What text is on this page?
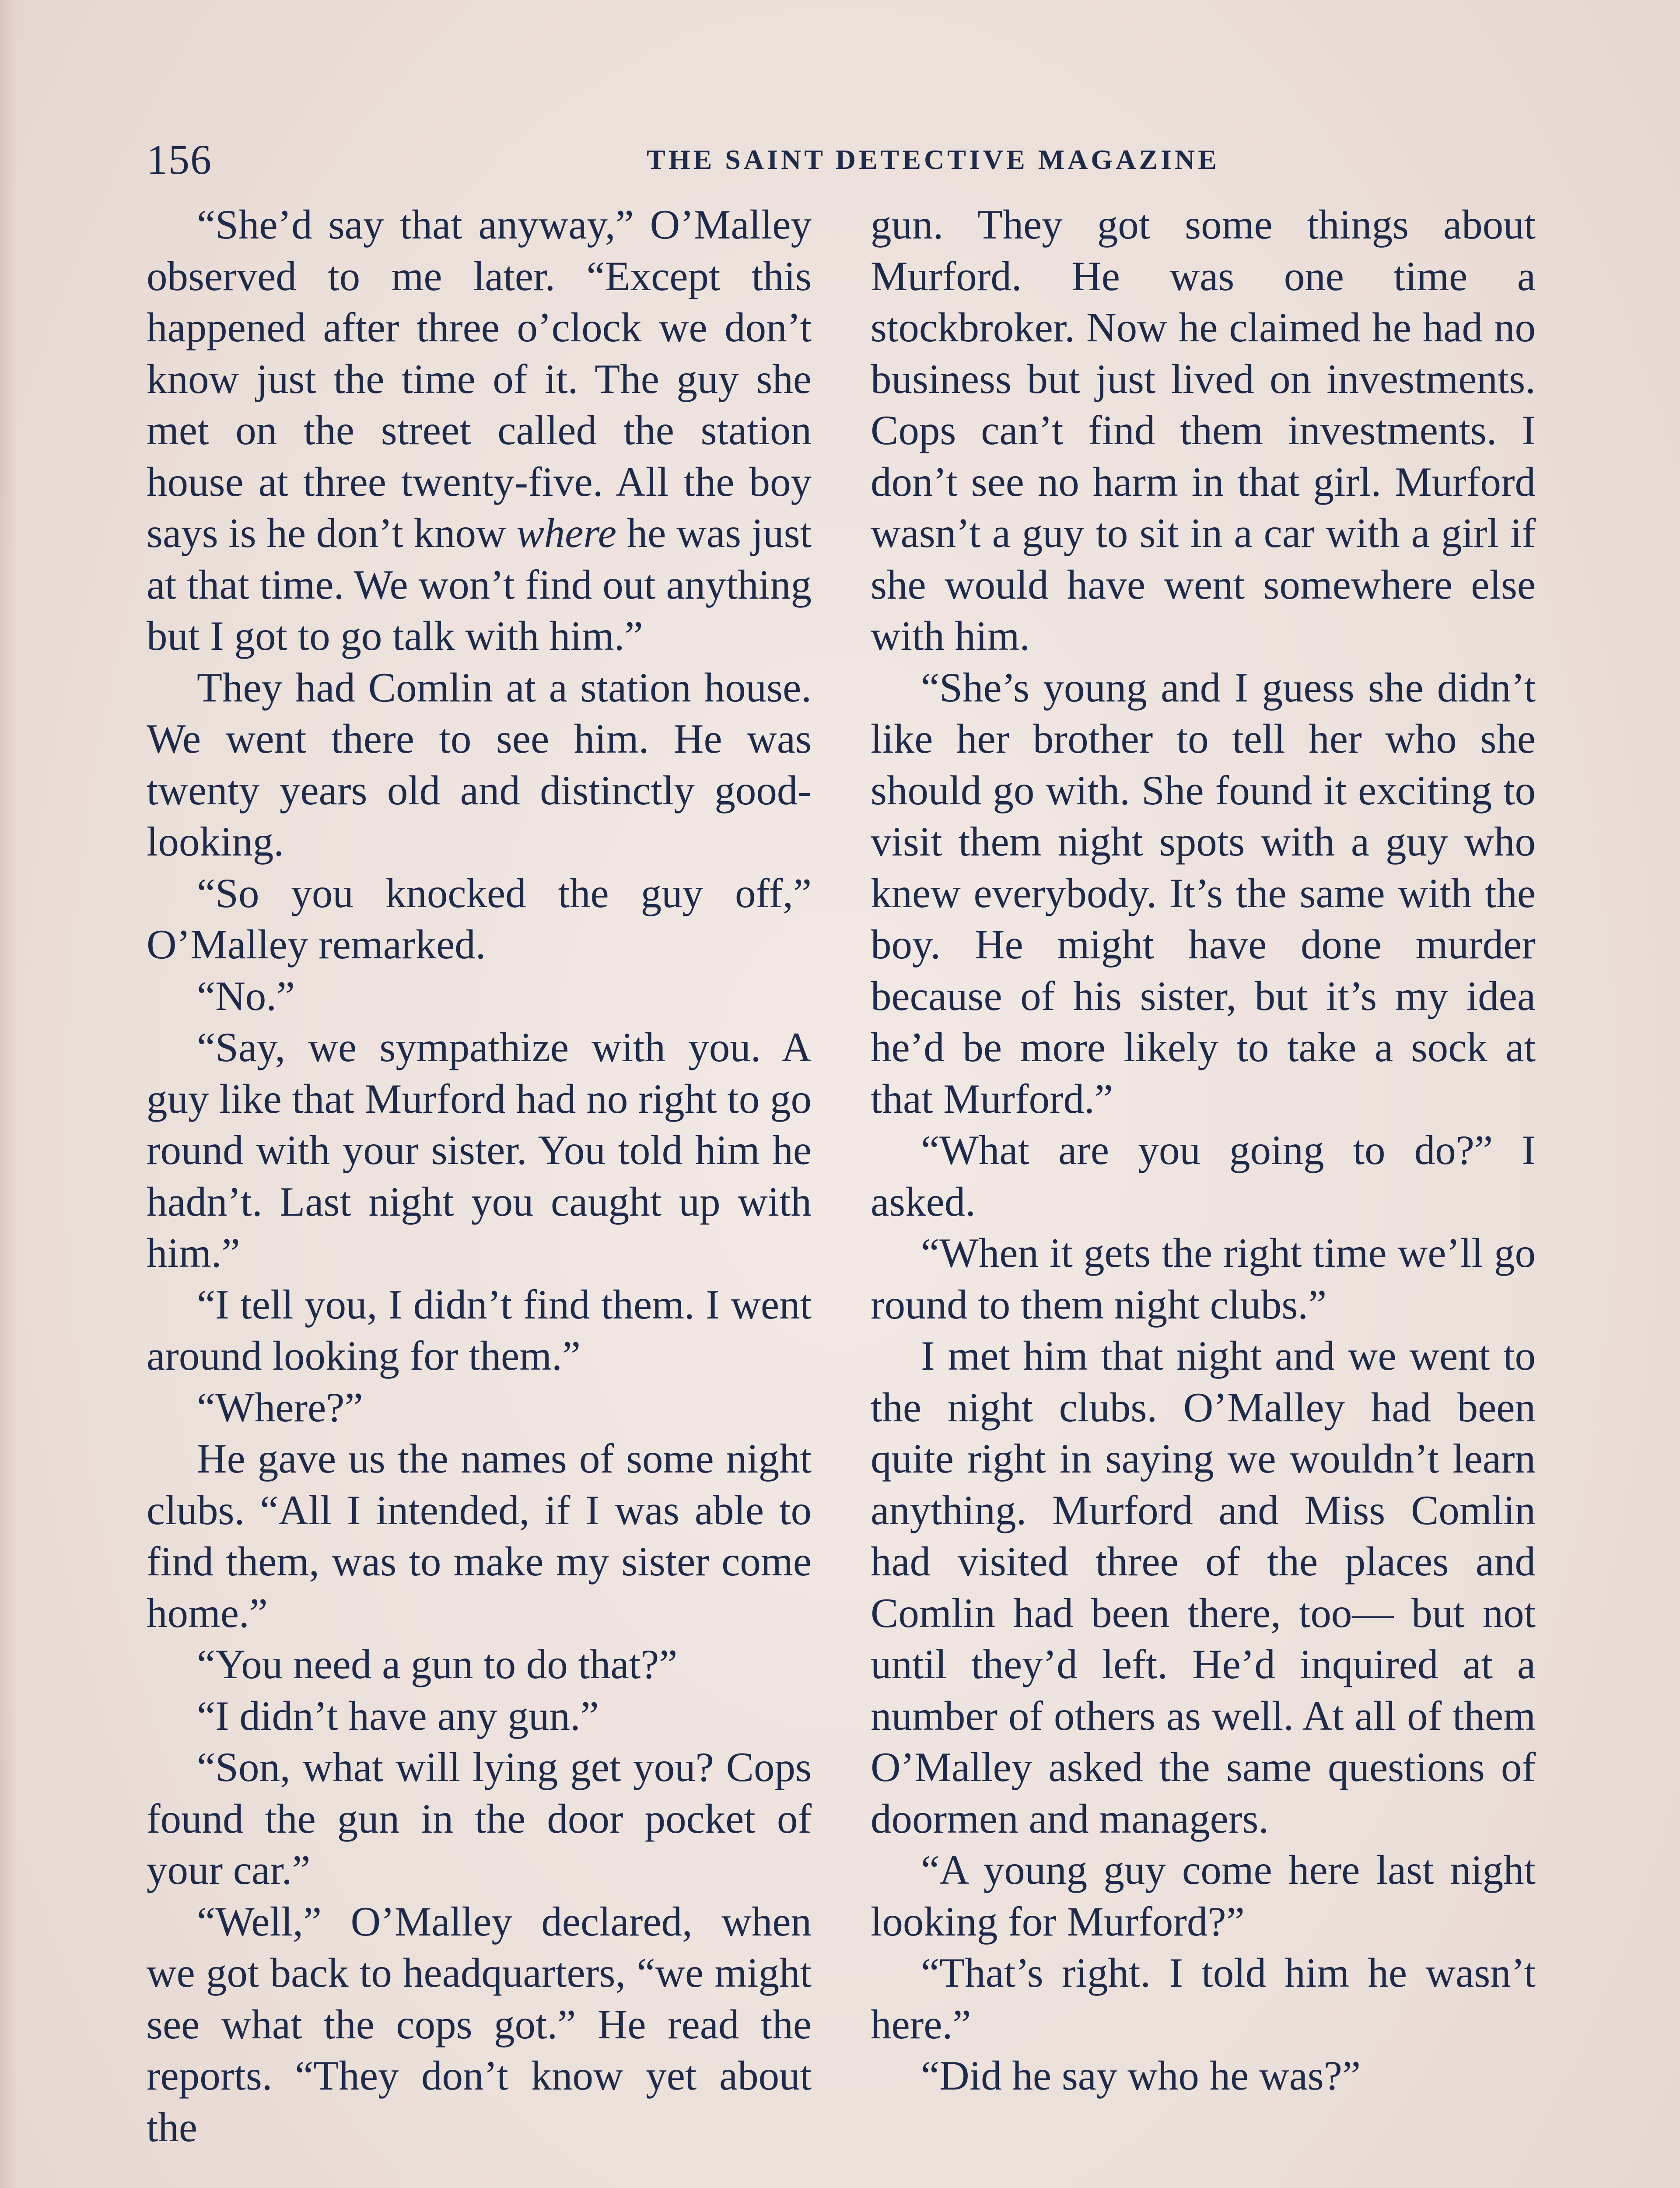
156	THE SAINT DETECTIVE MAGAZINE

“She’d say that anyway,” O’Malley observed to me later. “Except this happened after three o’clock we don’t know just the time of it. The guy she met on the street called the station house at three twenty-five. All the boy says is he don’t know where he was just at that time. We won’t find out anything but I got to go talk with him.”

They had Comlin at a station house. We went there to see him. He was twenty years old and distinctly good-looking.

“So you knocked the guy off,” O’Malley remarked.

“No.”

“Say, we sympathize with you. A guy like that Murford had no right to go round with your sister. You told him he hadn’t. Last night you caught up with him.”

“I tell you, I didn’t find them. I went around looking for them.”

“Where?”

He gave us the names of some night clubs. “All I intended, if I was able to find them, was to make my sister come home.”

“You need a gun to do that?”

“I didn’t have any gun.”

“Son, what will lying get you? Cops found the gun in the door pocket of your car.”

“Well,” O’Malley declared, when we got back to headquarters, “we might see what the cops got.” He read the reports. “They don’t know yet about the

gun. They got some things about Murford. He was one time a stockbroker. Now he claimed he had no business but just lived on investments. Cops can’t find them investments. I don’t see no harm in that girl. Murford wasn’t a guy to sit in a car with a girl if she would have went somewhere else with him.

“She’s young and I guess she didn’t like her brother to tell her who she should go with. She found it exciting to visit them night spots with a guy who knew everybody. It’s the same with the boy. He might have done murder because of his sister, but it’s my idea he’d be more likely to take a sock at that Murford.”

“What are you going to do?” I asked.

“When it gets the right time we’ll go round to them night clubs.”

I met him that night and we went to the night clubs. O’Malley had been quite right in saying we wouldn’t learn anything. Murford and Miss Comlin had visited three of the places and Comlin had been there, too— but not until they’d left. He’d inquired at a number of others as well. At all of them O’Malley asked the same questions of doormen and managers.

“A young guy come here last night looking for Murford?”

“That’s right. I told him he wasn’t here.”

“Did he say who he was?”
